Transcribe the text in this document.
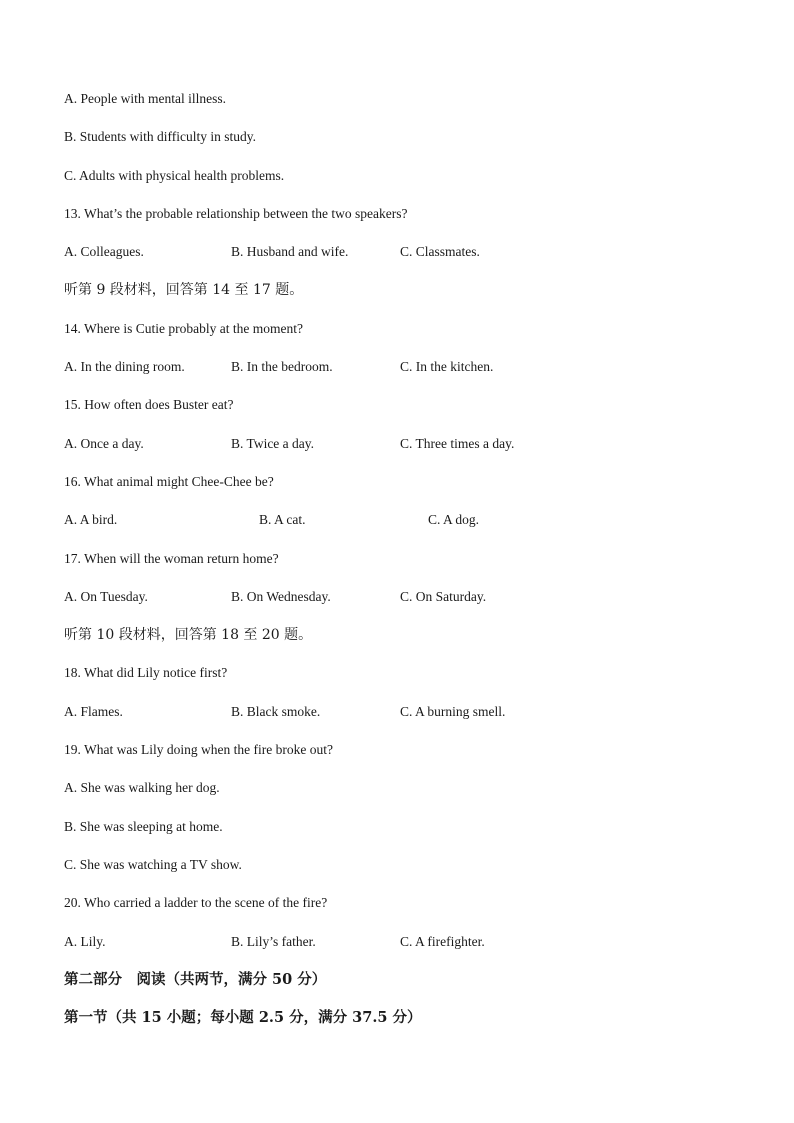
A. People with mental illness.
B. Students with difficulty in study.
C. Adults with physical health problems.
13. What’s the probable relationship between the two speakers?
A. Colleagues.	B. Husband and wife.	C. Classmates.
听第 9 段材料，回答第 14 至 17 题。
14. Where is Cutie probably at the moment?
A. In the dining room.	B. In the bedroom.	C. In the kitchen.
15. How often does Buster eat?
A. Once a day.	B. Twice a day.	C. Three times a day.
16. What animal might Chee-Chee be?
A. A bird.	B. A cat.	C. A dog.
17. When will the woman return home?
A. On Tuesday.	B. On Wednesday.	C. On Saturday.
听第 10 段材料，回答第 18 至 20 题。
18. What did Lily notice first?
A. Flames.	B. Black smoke.	C. A burning smell.
19. What was Lily doing when the fire broke out?
A. She was walking her dog.
B. She was sleeping at home.
C. She was watching a TV show.
20. Who carried a ladder to the scene of the fire?
A. Lily.	B. Lily’s father.	C. A firefighter.
第二部分　阅读（共两节，满分 50 分）
第一节（共 15 小题；每小题 2.5 分，满分 37.5 分）
